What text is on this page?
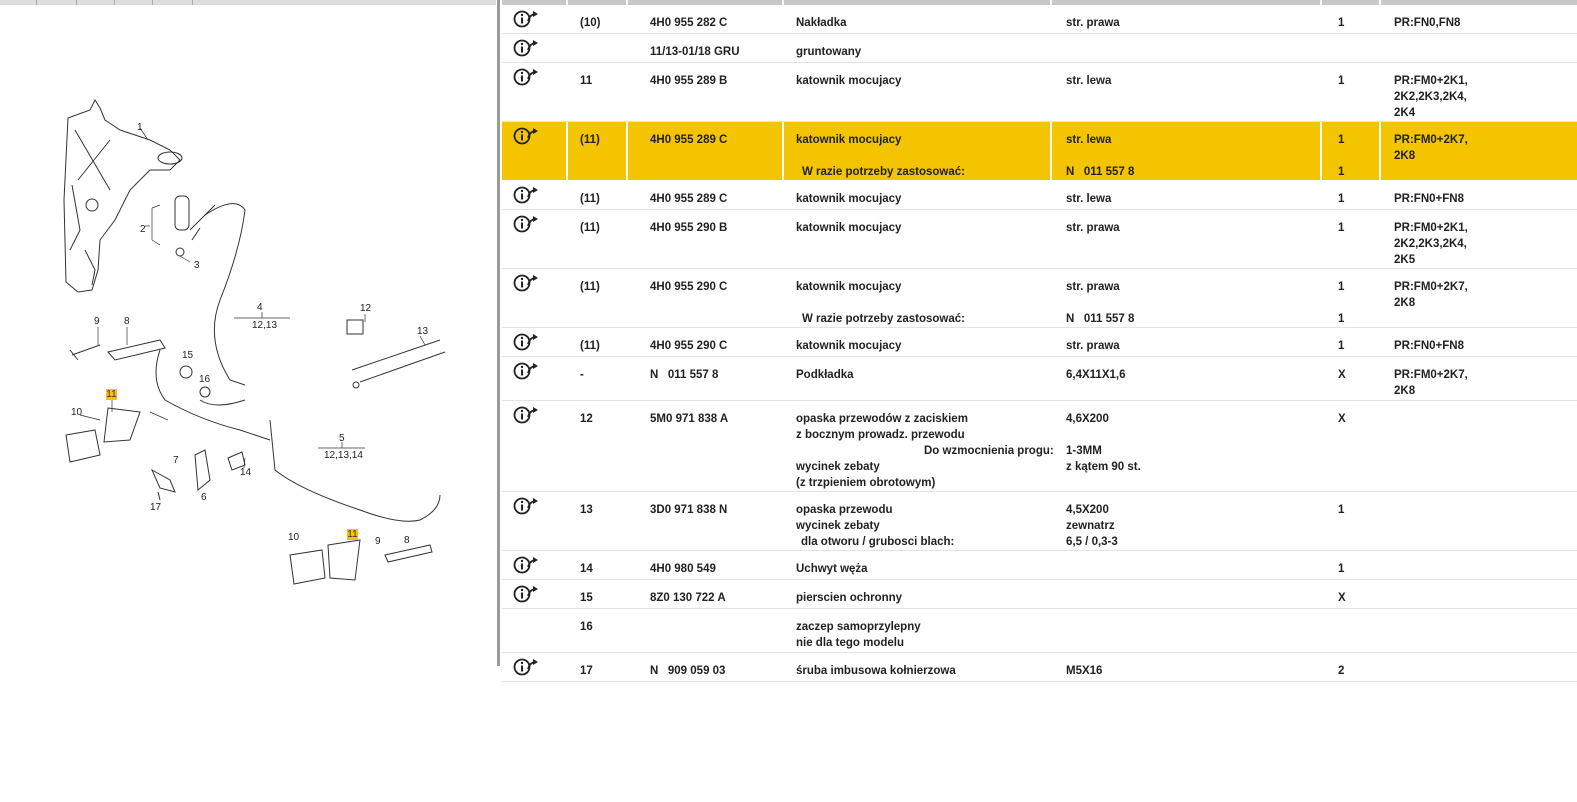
1
2
3
4
12,13
9 8
10
12
13
15
16
5
12,13,14
7
14
6
17
10	9 8
11
11
(10)	4H0 955 282 C	Nakładka	str. prawa	1	PR:FN0,FN8
11/13-01/18 GRU	gruntowany
11	4H0 955 289 B	katownik mocujacy	str. lewa	1	PR:FM0+2K1,
2K2,2K3,2K4,
2K4
(11)	4H0 955 289 C	katownik mocujacy	str. lewa	1	PR:FM0+2K7,
2K8
W razie potrzeby zastosować:	N   011 557 8	1
(11)	4H0 955 289 C	katownik mocujacy	str. lewa	1	PR:FN0+FN8
(11)	4H0 955 290 B	katownik mocujacy	str. prawa	1	PR:FM0+2K1,
2K2,2K3,2K4,
2K5
(11)	4H0 955 290 C	katownik mocujacy	str. prawa	1	PR:FM0+2K7,
2K8
W razie potrzeby zastosować:	N   011 557 8	1
(11)	4H0 955 290 C	katownik mocujacy	str. prawa	1	PR:FN0+FN8
-	N   011 557 8	Podkładka	6,4X11X1,6	X	PR:FM0+2K7,
2K8
12	5M0 971 838 A	opaska przewodów z zaciskiem	4,6X200	X
z bocznym prowadz. przewodu
Do wzmocnienia progu: 1-3MM
wycinek zebaty	z kątem 90 st.
(z trzpieniem obrotowym)
13	3D0 971 838 N	opaska przewodu	4,5X200	1
wycinek zebaty	zewnatrz
dla otworu / grubosci blach:	6,5 / 0,3-3
14	4H0 980 549	Uchwyt węża	1
15	8Z0 130 722 A	pierscien ochronny	X
16	zaczep samoprzylepny
nie dla tego modelu
17	N   909 059 03	śruba imbusowa kołnierzowa	M5X16	2
